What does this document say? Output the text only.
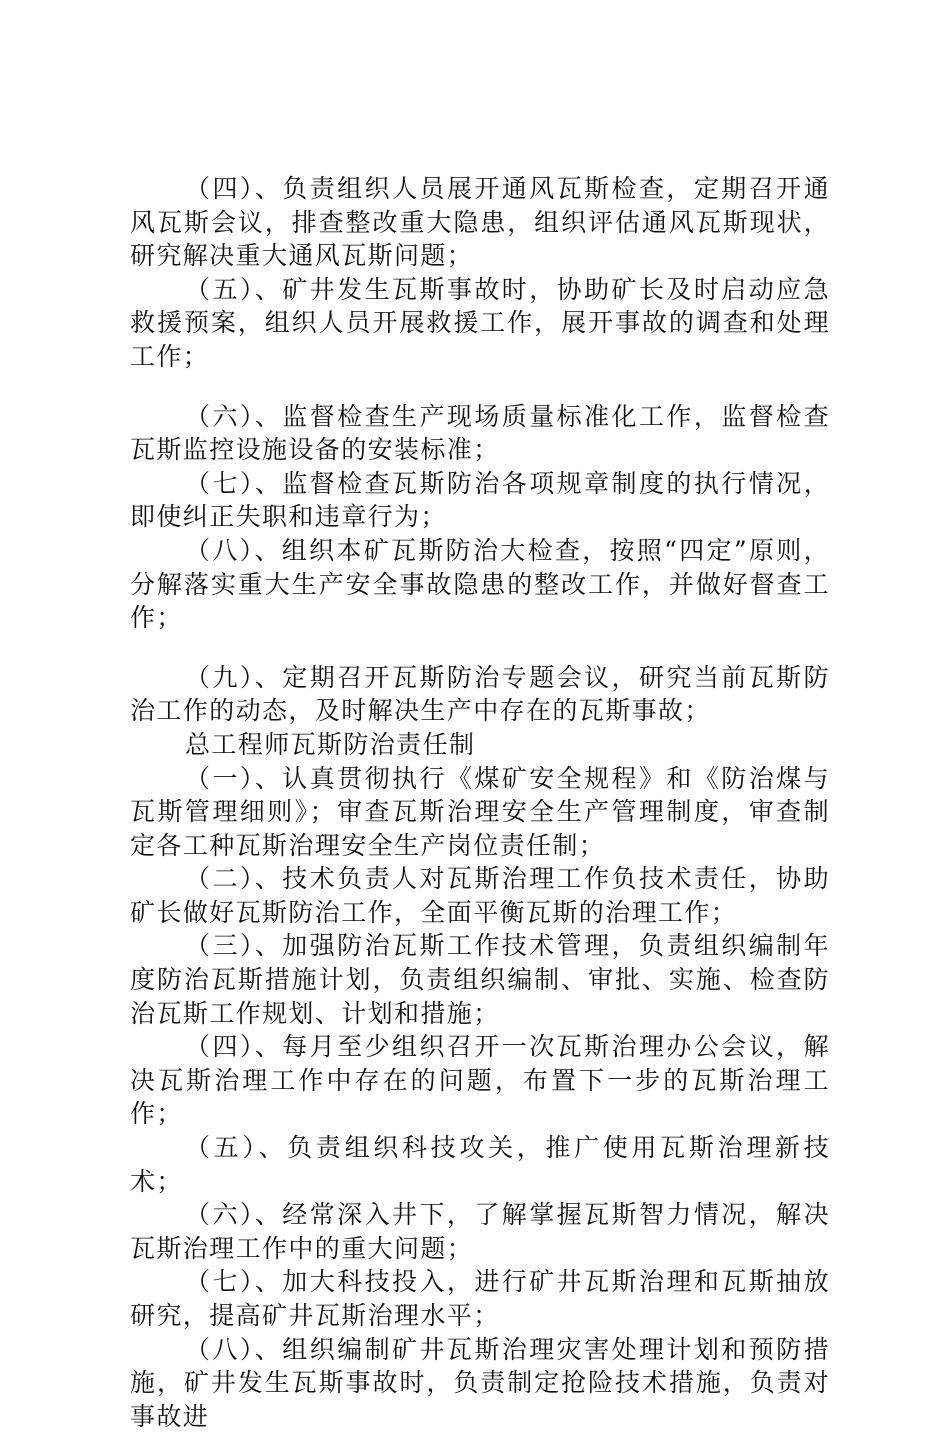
（四）、负责组织人员展开通风瓦斯检查，定期召开通风瓦斯会议，排查整改重大隐患，组织评估通风瓦斯现状，研究解决重大通风瓦斯问题；

（五）、矿井发生瓦斯事故时，协助矿长及时启动应急救援预案，组织人员开展救援工作，展开事故的调查和处理工作；

（六）、监督检查生产现场质量标准化工作，监督检查瓦斯监控设施设备的安装标准；

（七）、监督检查瓦斯防治各项规章制度的执行情况，即使纠正失职和违章行为；

（八）、组织本矿瓦斯防治大检查，按照“四定”原则，分解落实重大生产安全事故隐患的整改工作，并做好督查工作；

（九）、定期召开瓦斯防治专题会议，研究当前瓦斯防治工作的动态，及时解决生产中存在的瓦斯事故；

总工程师瓦斯防治责任制

（一）、认真贯彻执行《煤矿安全规程》和《防治煤与瓦斯管理细则》；审查瓦斯治理安全生产管理制度，审查制定各工种瓦斯治理安全生产岗位责任制；

（二）、技术负责人对瓦斯治理工作负技术责任，协助矿长做好瓦斯防治工作，全面平衡瓦斯的治理工作；

（三）、加强防治瓦斯工作技术管理，负责组织编制年度防治瓦斯措施计划，负责组织编制、审批、实施、检查防治瓦斯工作规划、计划和措施；

（四）、每月至少组织召开一次瓦斯治理办公会议，解决瓦斯治理工作中存在的问题，布置下一步的瓦斯治理工作；

（五）、负责组织科技攻关，推广使用瓦斯治理新技术；

（六）、经常深入井下，了解掌握瓦斯智力情况，解决瓦斯治理工作中的重大问题；

（七）、加大科技投入，进行矿井瓦斯治理和瓦斯抽放研究，提高矿井瓦斯治理水平；

（八）、组织编制矿井瓦斯治理灾害处理计划和预防措施，矿井发生瓦斯事故时，负责制定抢险技术措施，负责对事故进
